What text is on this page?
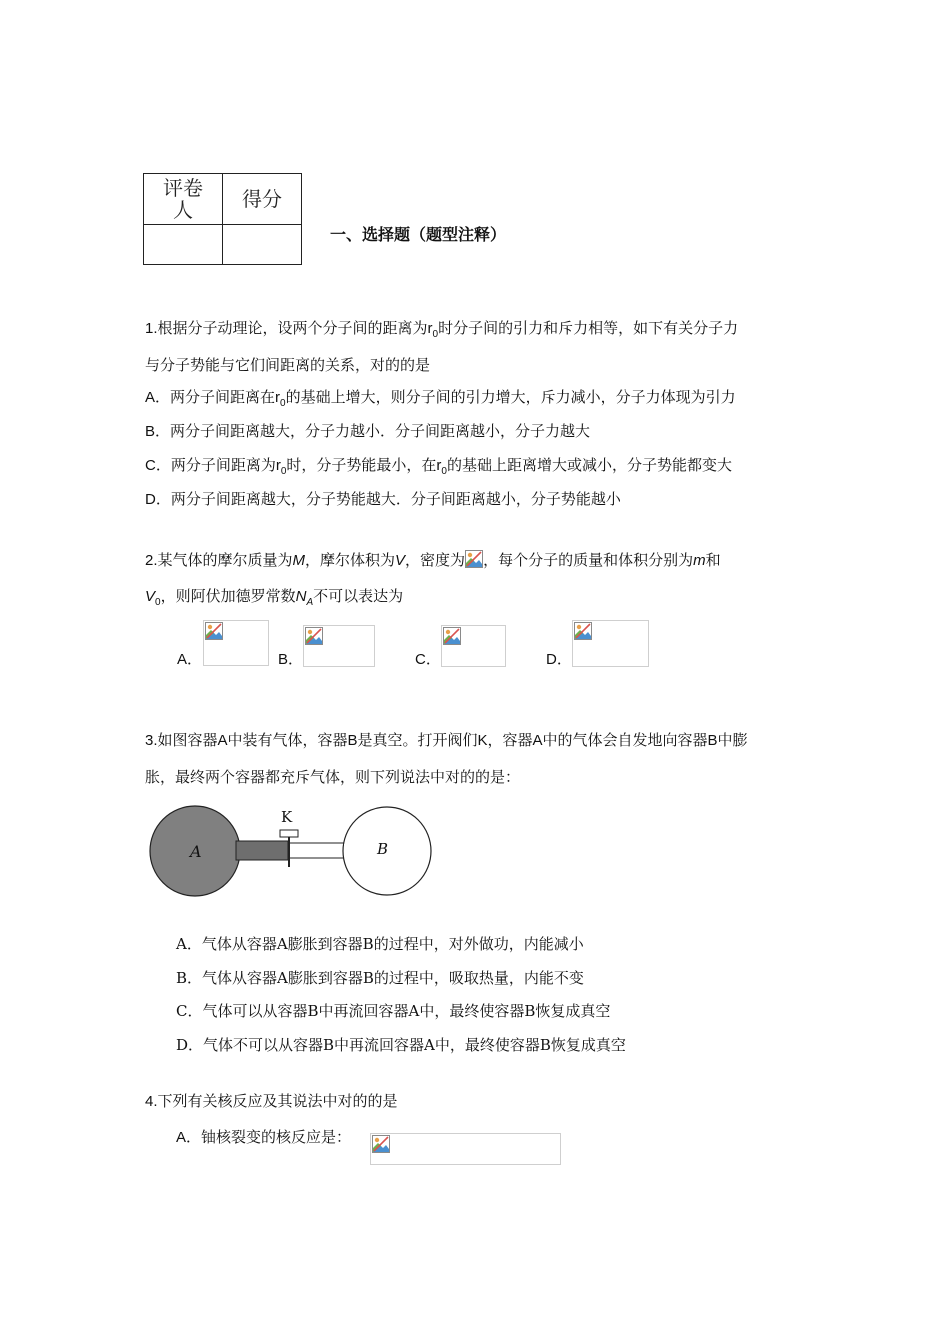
评卷人	得分

一、选择题（题型注释）
1.根据分子动理论，设两个分子间的距离为$r_0$时分子间的引力和斥力相等，如下有关分子力
与分子势能与它们间距离的关系，对的的是
A．两分子间距离在$r_0$的基础上增大，则分子间的引力增大，斥力减小，分子力体现为引力
B．两分子间距离越大，分子力越小．分子间距离越小，分子力越大
C．两分子间距离为$r_0$时，分子势能最小，在$r_0$的基础上距离增大或减小，分子势能都变大
D．两分子间距离越大，分子势能越大．分子间距离越小，分子势能越小
2.某气体的摩尔质量为M，摩尔体积为V，密度为 ，每个分子的质量和体积分别为m和
$V_0$，则阿伏加德罗常数$N_A$不可以表达为
A．	B．	C．	D．
3.如图容器A中装有气体，容器B是真空。打开阀们K，容器A中的气体会自发地向容器B中膨
胀，最终两个容器都充斥气体，则下列说法中对的的是：
A	B
K
A．气体从容器A膨胀到容器B的过程中，对外做功，内能减小
B．气体从容器A膨胀到容器B的过程中，吸取热量，内能不变
C．气体可以从容器B中再流回容器A中，最终使容器B恢复成真空
D．气体不可以从容器B中再流回容器A中，最终使容器B恢复成真空
4.下列有关核反应及其说法中对的的是
A．铀核裂变的核反应是：
